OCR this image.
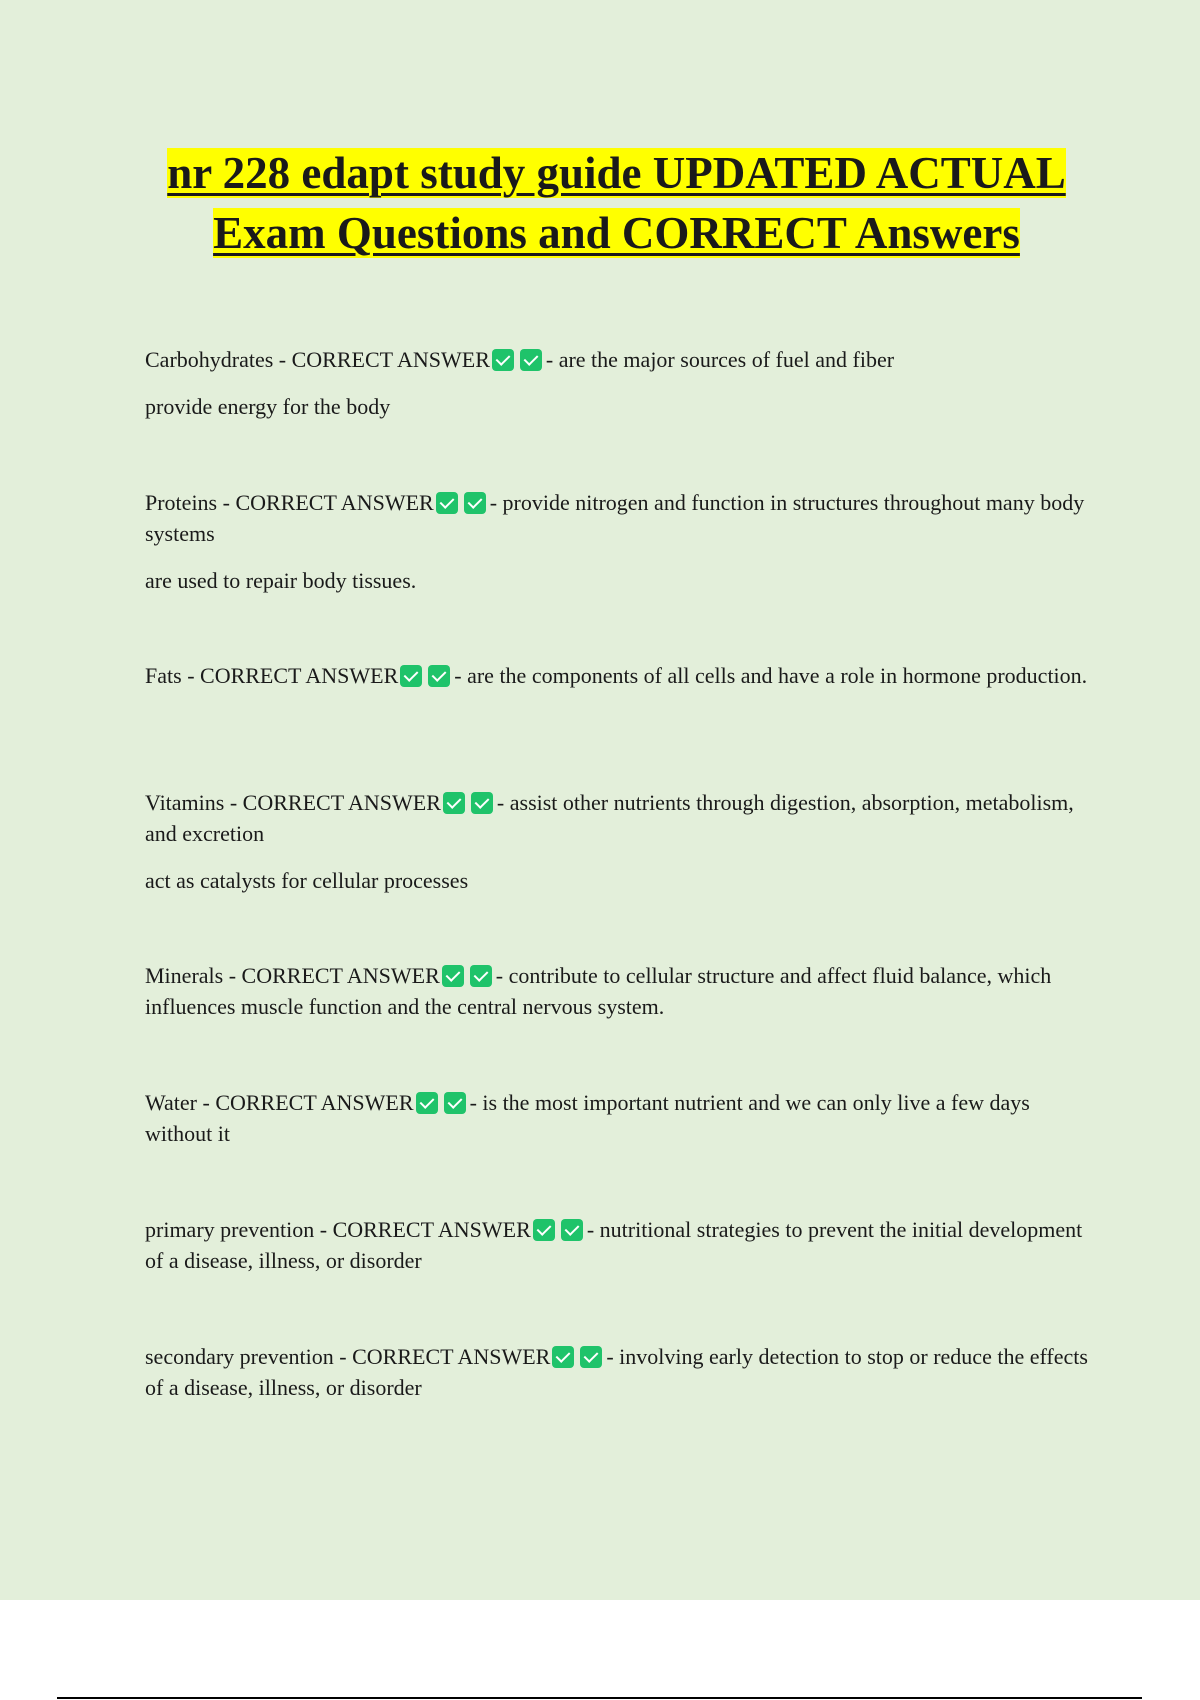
nr 228 edapt study guide UPDATED ACTUAL Exam Questions and CORRECT Answers

Carbohydrates - CORRECT ANSWER	- are the major sources of fuel and fiber

provide energy for the body

Proteins - CORRECT ANSWER	- provide nitrogen and function in structures throughout many body systems

are used to repair body tissues.

Fats - CORRECT ANSWER	- are the components of all cells and have a role in hormone production.

Vitamins - CORRECT ANSWER	- assist other nutrients through digestion, absorption, metabolism, and excretion

act as catalysts for cellular processes

Minerals - CORRECT ANSWER	- contribute to cellular structure and affect fluid balance, which influences muscle function and the central nervous system.

Water - CORRECT ANSWER	- is the most important nutrient and we can only live a few days without it

primary prevention - CORRECT ANSWER	- nutritional strategies to prevent the initial development of a disease, illness, or disorder

secondary prevention - CORRECT ANSWER	- involving early detection to stop or reduce the effects of a disease, illness, or disorder
